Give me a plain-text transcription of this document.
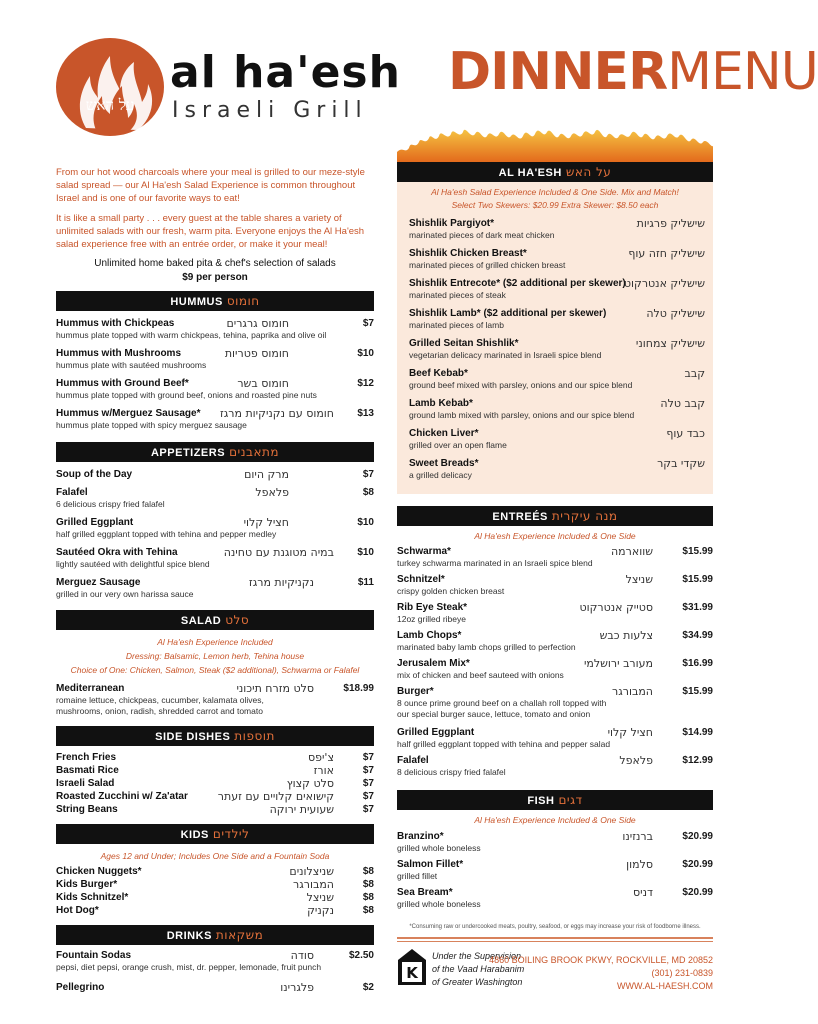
על האש
al ha'esh
Israeli Grill
DINNERMENU

From our hot wood charcoals where your meal is grilled to our meze-style salad spread — our Al Ha'esh Salad Experience is common throughout Israel and is one of our favorite ways to eat!

It is like a small party . . . every guest at the table shares a variety of unlimited salads with our fresh, warm pita. Everyone enjoys the Al Ha'esh salad experience free with an entrée order, or make it your meal!

Unlimited home baked pita & chef's selection of salads
$9 per person
HUMMUS חומוס
Hummus with Chickpeas
hummus plate topped with warm chickpeas, tehina, paprika and olive oil
חומוס גרגרים	$7
Hummus with Mushrooms
hummus plate with sautéed mushrooms
חומוס פטריות	$10
Hummus with Ground Beef*
hummus plate topped with ground beef, onions and roasted pine nuts
חומוס בשר	$12
Hummus w/Merguez Sausage*
hummus plate topped with spicy merguez sausage
חומוס עם נקניקיות מרגז $13
APPETIZERS מתאבנים
Soup of the Day	מרק היום	$7
Falafel
6 delicious crispy fried falafel
פלאפל	$8
Grilled Eggplant
half grilled eggplant topped with tehina and pepper medley
חציל קלוי	$10
Sautéed Okra with Tehina
lightly sautéed with delightful spice blend
במיה מטוגנת עם טחינה $10
Merguez Sausage
grilled in our very own harissa sauce
נקניקיות מרגז	$11
SALAD סלט
Al Ha'esh Experience Included
Dressing: Balsamic, Lemon herb, Tehina house
Choice of One: Chicken, Salmon, Steak ($2 additional), Schwarma or Falafel
Mediterranean
romaine lettuce, chickpeas, cucumber, kalamata olives, mushrooms, onion, radish, shredded carrot and tomato
סלט מזרח תיכוני	$18.99
SIDE DISHES תוספות
French Fries	צ'יפס	$7
Basmati Rice	אורז	$7
Israeli Salad	סלט קצוץ	$7
Roasted Zucchini w/ Za'atar	קישואים קלויים עם זעתר	$7
String Beans	שעועית ירוקה	$7
KIDS לילדים
Ages 12 and Under; Includes One Side and a Fountain Soda
Chicken Nuggets*	שניצלונים	$8
Kids Burger*	המבורגר	$8
Kids Schnitzel*	שניצל	$8
Hot Dog*	נקניק	$8
DRINKS משקאות
Fountain Sodas
pepsi, diet pepsi, orange crush, mist, dr. pepper, lemonade, fruit punch
סודה	$2.50
Pellegrino	פלגרינו	$2
AL HA'ESH על האש
Al Ha'esh Salad Experience Included & One Side. Mix and Match!
Select Two Skewers: $20.99 Extra Skewer: $8.50 each
Shishlik Pargiyot*
marinated pieces of dark meat chicken
שישליק פרגיות
Shishlik Chicken Breast*
marinated pieces of grilled chicken breast
שישליק חזה עוף
Shishlik Entrecote* ($2 additional per skewer)
marinated pieces of steak
שישליק אנטרקוט
Shishlik Lamb* ($2 additional per skewer)
marinated pieces of lamb
שישליק טלה
Grilled Seitan Shishlik*
vegetarian delicacy marinated in Israeli spice blend
שישליק צמחוני
Beef Kebab*
ground beef mixed with parsley, onions and our spice blend
קבב
Lamb Kebab*
ground lamb mixed with parsley, onions and our spice blend
קבב טלה
Chicken Liver*
grilled over an open flame
כבד עוף
Sweet Breads*
a grilled delicacy
שקדי בקר
ENTREÉS מנה עיקרית
Al Ha'esh Experience Included & One Side
Schwarma*
turkey schwarma marinated in an Israeli spice blend
שווארמה	$15.99
Schnitzel*
crispy golden chicken breast
שניצל	$15.99
Rib Eye Steak*
12oz grilled ribeye
סטייק אנטרקוט	$31.99
Lamb Chops*
marinated baby lamb chops grilled to perfection
צלעות כבש	$34.99
Jerusalem Mix*
mix of chicken and beef sauteed with onions
מעורב ירושלמי	$16.99
Burger*
8 ounce prime ground beef on a challah roll topped with our special burger sauce, lettuce, tomato and onion
המבורגר	$15.99
Grilled Eggplant
half grilled eggplant topped with tehina and pepper salad
חציל קלוי	$14.99
Falafel
8 delicious crispy fried falafel
פלאפל	$12.99
FISH דגים
Al Ha'esh Experience Included & One Side
Branzino*
grilled whole boneless
ברנזינו	$20.99
Salmon Fillet*
grilled fillet
סלמון	$20.99
Sea Bream*
grilled whole boneless
דניס	$20.99
*Consuming raw or undercooked meats, poultry, seafood, or eggs may increase your risk of foodborne illness.
K
Under the Supervision
of the Vaad Harabanim
of Greater Washington
4860 BOILING BROOK PKWY, ROCKVILLE, MD 20852
(301) 231-0839
WWW.AL-HAESH.COM
